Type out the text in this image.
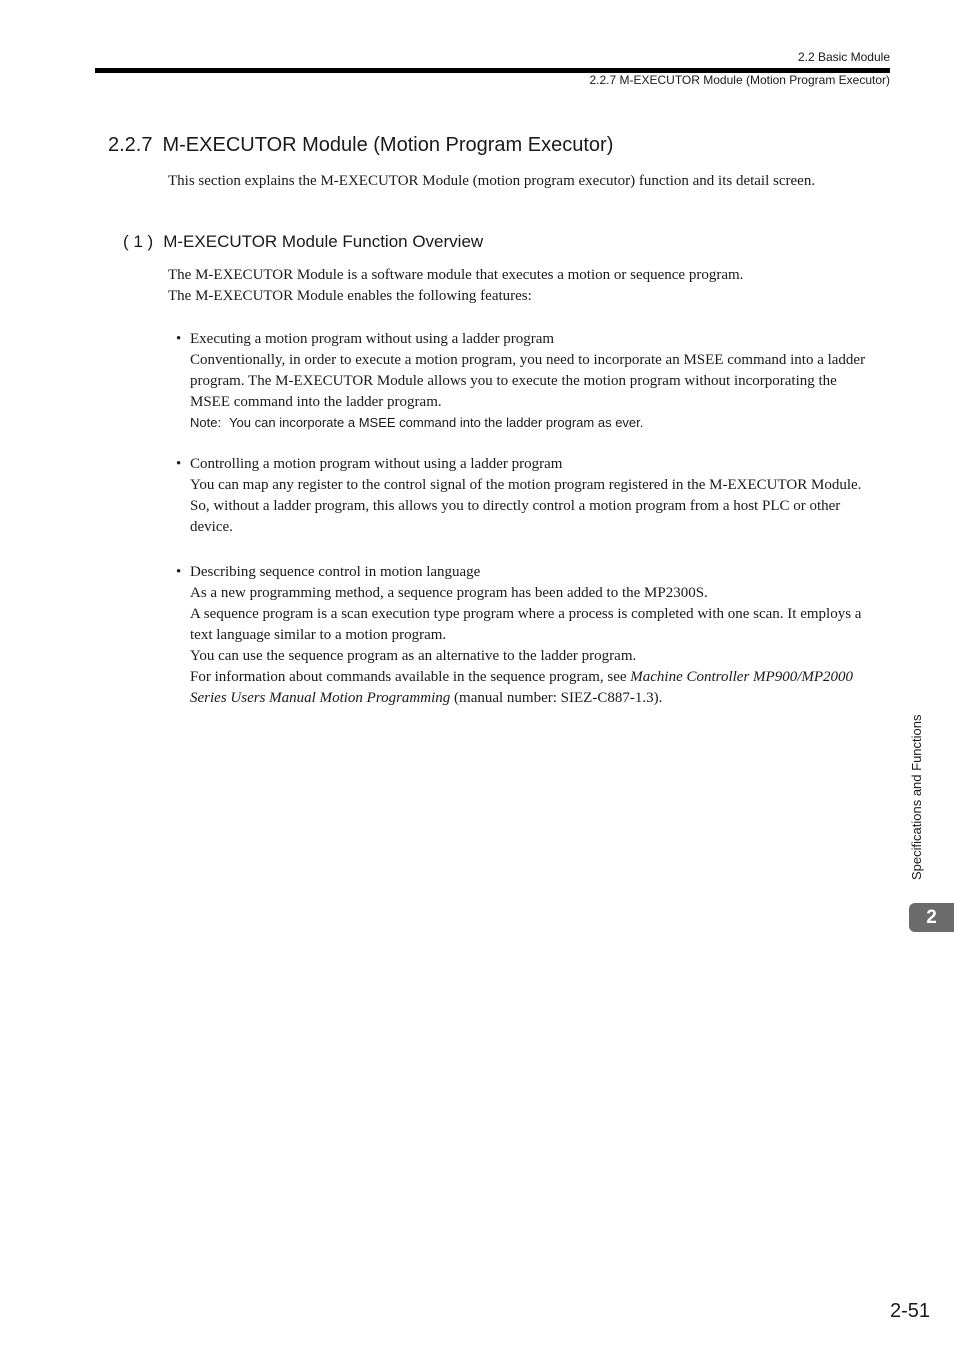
2.2 Basic Module
2.2.7 M-EXECUTOR Module (Motion Program Executor)
2.2.7 M-EXECUTOR Module (Motion Program Executor)
This section explains the M-EXECUTOR Module (motion program executor) function and its detail screen.
( 1 ) M-EXECUTOR Module Function Overview
The M-EXECUTOR Module is a software module that executes a motion or sequence program.
The M-EXECUTOR Module enables the following features:
• Executing a motion program without using a ladder program
Conventionally, in order to execute a motion program, you need to incorporate an MSEE command into a ladder
program. The M-EXECUTOR Module allows you to execute the motion program without incorporating the
MSEE command into the ladder program.
Note: You can incorporate a MSEE command into the ladder program as ever.
• Controlling a motion program without using a ladder program
You can map any register to the control signal of the motion program registered in the M-EXECUTOR Module.
So, without a ladder program, this allows you to directly control a motion program from a host PLC or other
device.
• Describing sequence control in motion language
As a new programming method, a sequence program has been added to the MP2300S.
A sequence program is a scan execution type program where a process is completed with one scan. It employs a
text language similar to a motion program.
You can use the sequence program as an alternative to the ladder program.
For information about commands available in the sequence program, see Machine Controller MP900/MP2000
Series Users Manual Motion Programming (manual number: SIEZ-C887-1.3).
Specifications and Functions
2
2-51
